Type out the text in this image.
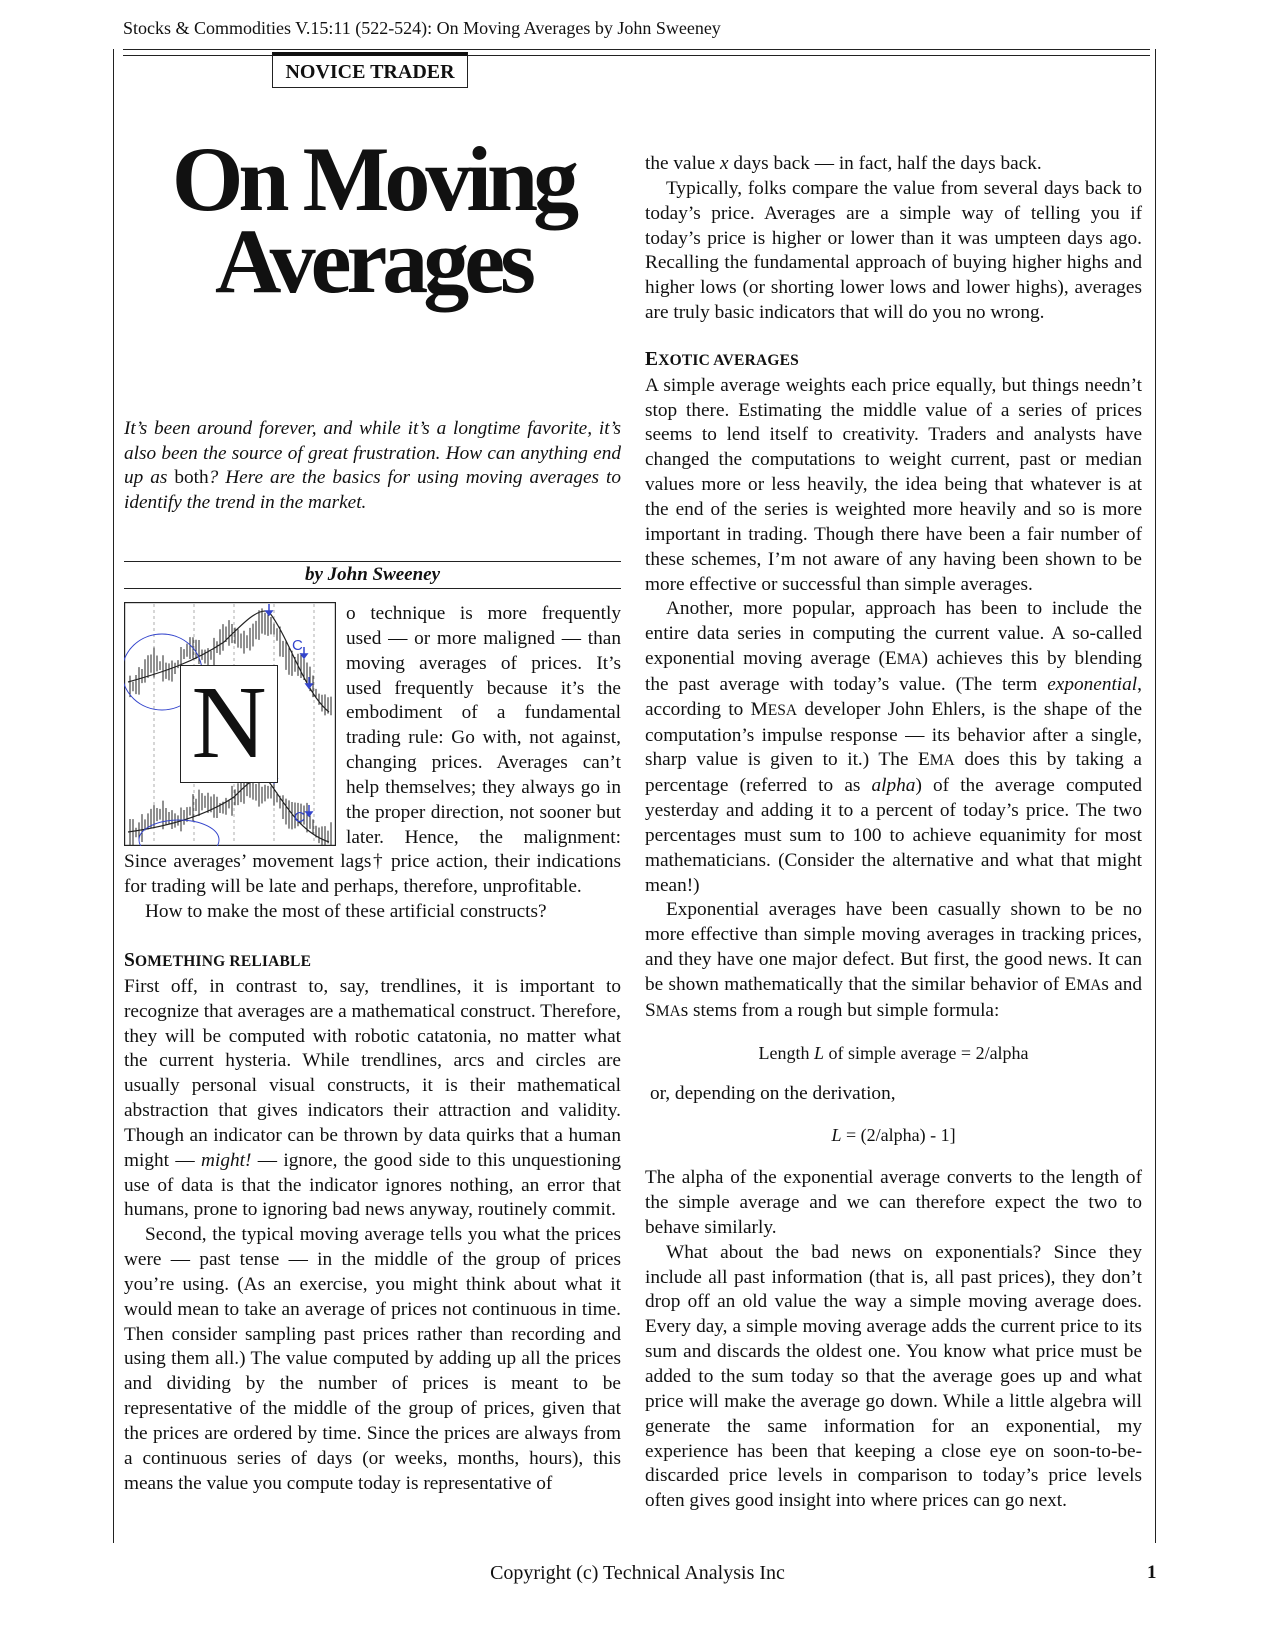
Stocks & Commodities V.15:11 (522-524): On Moving Averages by John Sweeney
NOVICE TRADER
On Moving
Averages
It’s been around forever, and while it’s a longtime favorite, it’s also been the source of great frustration. How can anything end up as both? Here are the basics for using moving averages to identify the trend in the market.
by John Sweeney
C
C
N

o technique is more frequently used — or more maligned — than moving averages of prices. It’s used frequently because it’s the embodiment of a fundamental trading rule: Go with, not against, changing prices. Averages can’t help themselves; they always go in the proper direction, not sooner but later. Hence, the malignment: Since averages’ movement lags† price action, their indications for trading will be late and perhaps, therefore, unprofitable.

How to make the most of these artificial constructs?

SOMETHING RELIABLE

First off, in contrast to, say, trendlines, it is important to recognize that averages are a mathematical construct. Therefore, they will be computed with robotic catatonia, no matter what the current hysteria. While trendlines, arcs and circles are usually personal visual constructs, it is their mathematical abstraction that gives indicators their attraction and validity. Though an indicator can be thrown by data quirks that a human might — might! — ignore, the good side to this unquestioning use of data is that the indicator ignores nothing, an error that humans, prone to ignoring bad news anyway, routinely commit.

Second, the typical moving average tells you what the prices were — past tense — in the middle of the group of prices you’re using. (As an exercise, you might think about what it would mean to take an average of prices not continuous in time. Then consider sampling past prices rather than recording and using them all.) The value computed by adding up all the prices and dividing by the number of prices is meant to be representative of the middle of the group of prices, given that the prices are ordered by time. Since the prices are always from a continuous series of days (or weeks, months, hours), this means the value you compute today is representative of

the value x days back — in fact, half the days back.

Typically, folks compare the value from several days back to today’s price. Averages are a simple way of telling you if today’s price is higher or lower than it was umpteen days ago. Recalling the fundamental approach of buying higher highs and higher lows (or shorting lower lows and lower highs), averages are truly basic indicators that will do you no wrong.

EXOTIC AVERAGES

A simple average weights each price equally, but things needn’t stop there. Estimating the middle value of a series of prices seems to lend itself to creativity. Traders and analysts have changed the computations to weight current, past or median values more or less heavily, the idea being that whatever is at the end of the series is weighted more heavily and so is more important in trading. Though there have been a fair number of these schemes, I’m not aware of any having been shown to be more effective or successful than simple averages.

Another, more popular, approach has been to include the entire data series in computing the current value. A so-called exponential moving average (EMA) achieves this by blending the past average with today’s value. (The term exponential, according to MESA developer John Ehlers, is the shape of the computation’s impulse response — its behavior after a single, sharp value is given to it.) The EMA does this by taking a percentage (referred to as alpha) of the average computed yesterday and adding it to a percent of today’s price. The two percentages must sum to 100 to achieve equanimity for most mathematicians. (Consider the alternative and what that might mean!)

Exponential averages have been casually shown to be no more effective than simple moving averages in tracking prices, and they have one major defect. But first, the good news. It can be shown mathematically that the similar behavior of EMAs and SMAs stems from a rough but simple formula:

Length L of simple average = 2/alpha

or, depending on the derivation,

L = (2/alpha) - 1]

The alpha of the exponential average converts to the length of the simple average and we can therefore expect the two to behave similarly.

What about the bad news on exponentials? Since they include all past information (that is, all past prices), they don’t drop off an old value the way a simple moving average does. Every day, a simple moving average adds the current price to its sum and discards the oldest one. You know what price must be added to the sum today so that the average goes up and what price will make the average go down. While a little algebra will generate the same information for an exponential, my experience has been that keeping a close eye on soon-to-be-discarded price levels in comparison to today’s price levels often gives good insight into where prices can go next.

Copyright (c) Technical Analysis Inc	1
